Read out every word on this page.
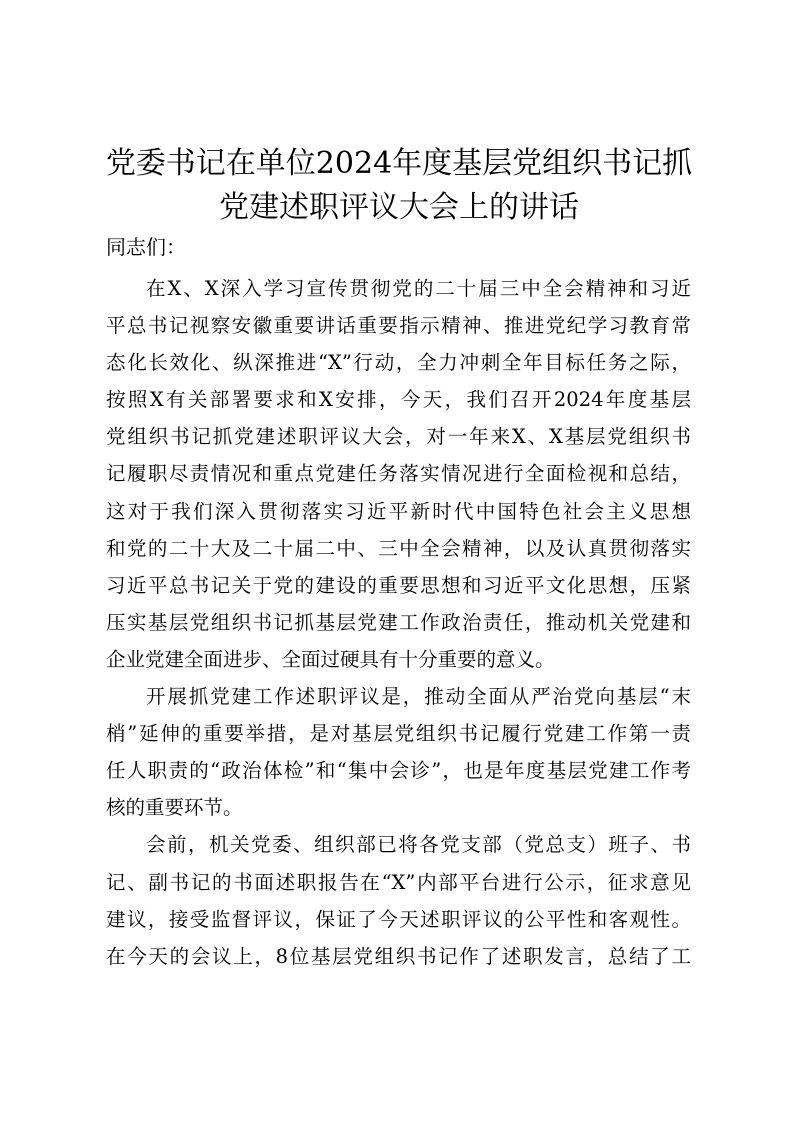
党委书记在单位2024年度基层党组织书记抓
党建述职评议大会上的讲话
同志们：
在X、X深入学习宣传贯彻党的二十届三中全会精神和习近
平总书记视察安徽重要讲话重要指示精神、推进党纪学习教育常
态化长效化、纵深推进“X”行动，全力冲刺全年目标任务之际，
按照X有关部署要求和X安排，今天，我们召开2024年度基层
党组织书记抓党建述职评议大会，对一年来X、X基层党组织书
记履职尽责情况和重点党建任务落实情况进行全面检视和总结，
这对于我们深入贯彻落实习近平新时代中国特色社会主义思想
和党的二十大及二十届二中、三中全会精神，以及认真贯彻落实
习近平总书记关于党的建设的重要思想和习近平文化思想，压紧
压实基层党组织书记抓基层党建工作政治责任，推动机关党建和
企业党建全面进步、全面过硬具有十分重要的意义。
开展抓党建工作述职评议是，推动全面从严治党向基层“末
梢”延伸的重要举措，是对基层党组织书记履行党建工作第一责
任人职责的“政治体检”和“集中会诊”，也是年度基层党建工作考
核的重要环节。
会前，机关党委、组织部已将各党支部（党总支）班子、书
记、副书记的书面述职报告在“X”内部平台进行公示，征求意见
建议，接受监督评议，保证了今天述职评议的公平性和客观性。
在今天的会议上，8位基层党组织书记作了述职发言，总结了工
